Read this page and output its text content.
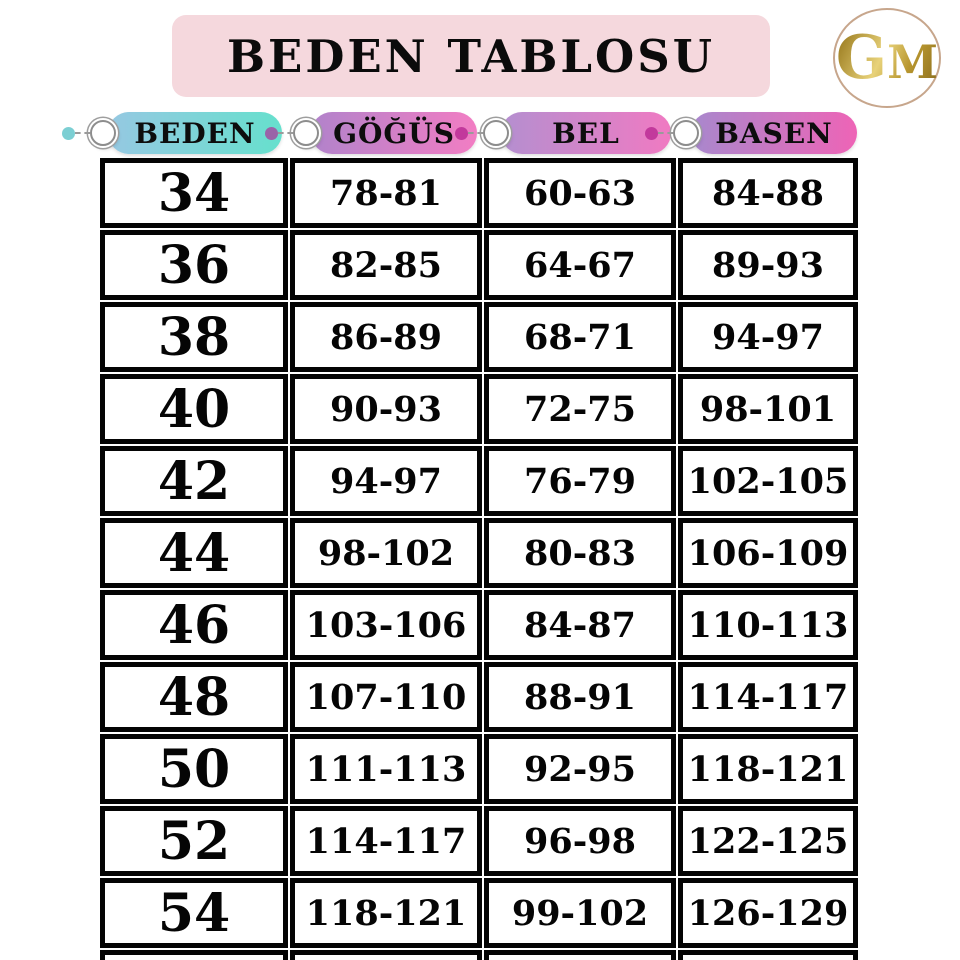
BEDEN TABLOSU	GM
BEDEN	GÖĞÜS	BEL	BASEN
34	78-81	60-63	84-88
36	82-85	64-67	89-93
38	86-89	68-71	94-97
40	90-93	72-75	98-101
42	94-97	76-79	102-105
44	98-102	80-83	106-109
46	103-106	84-87	110-113
48	107-110	88-91	114-117
50	111-113	92-95	118-121
52	114-117	96-98	122-125
54	118-121	99-102	126-129
